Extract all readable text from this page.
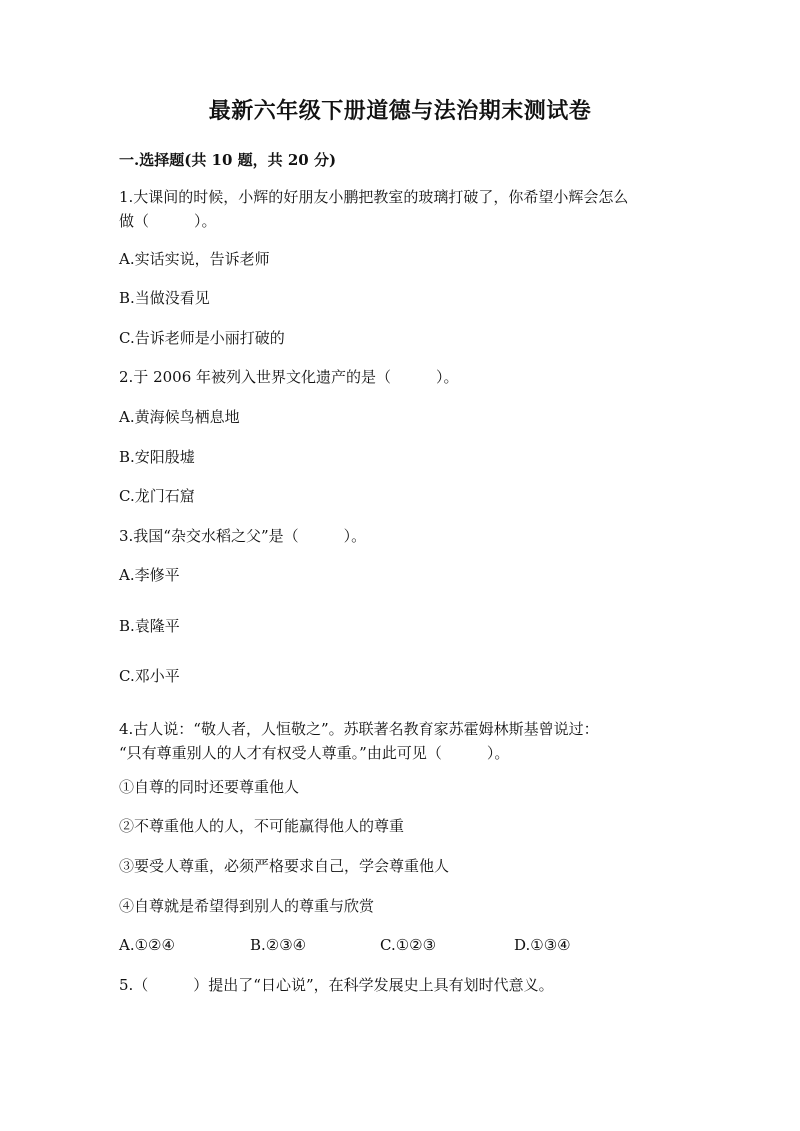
最新六年级下册道德与法治期末测试卷
一.选择题(共 10 题，共 20 分)
1.大课间的时候，小辉的好朋友小鹏把教室的玻璃打破了，你希望小辉会怎么
做（　　　）。
A.实话实说，告诉老师
B.当做没看见
C.告诉老师是小丽打破的
2.于 2006 年被列入世界文化遗产的是（　　　）。
A.黄海候鸟栖息地
B.安阳殷墟
C.龙门石窟
3.我国“杂交水稻之父”是（　　　）。
A.李修平
B.袁隆平
C.邓小平
4.古人说：“敬人者，人恒敬之”。苏联著名教育家苏霍姆林斯基曾说过：
“只有尊重别人的人才有权受人尊重。”由此可见（　　　）。
①自尊的同时还要尊重他人
②不尊重他人的人，不可能赢得他人的尊重
③要受人尊重，必须严格要求自己，学会尊重他人
④自尊就是希望得到别人的尊重与欣赏
A.①②④	B.②③④	C.①②③	D.①③④
5.（　　　）提出了“日心说”，在科学发展史上具有划时代意义。
